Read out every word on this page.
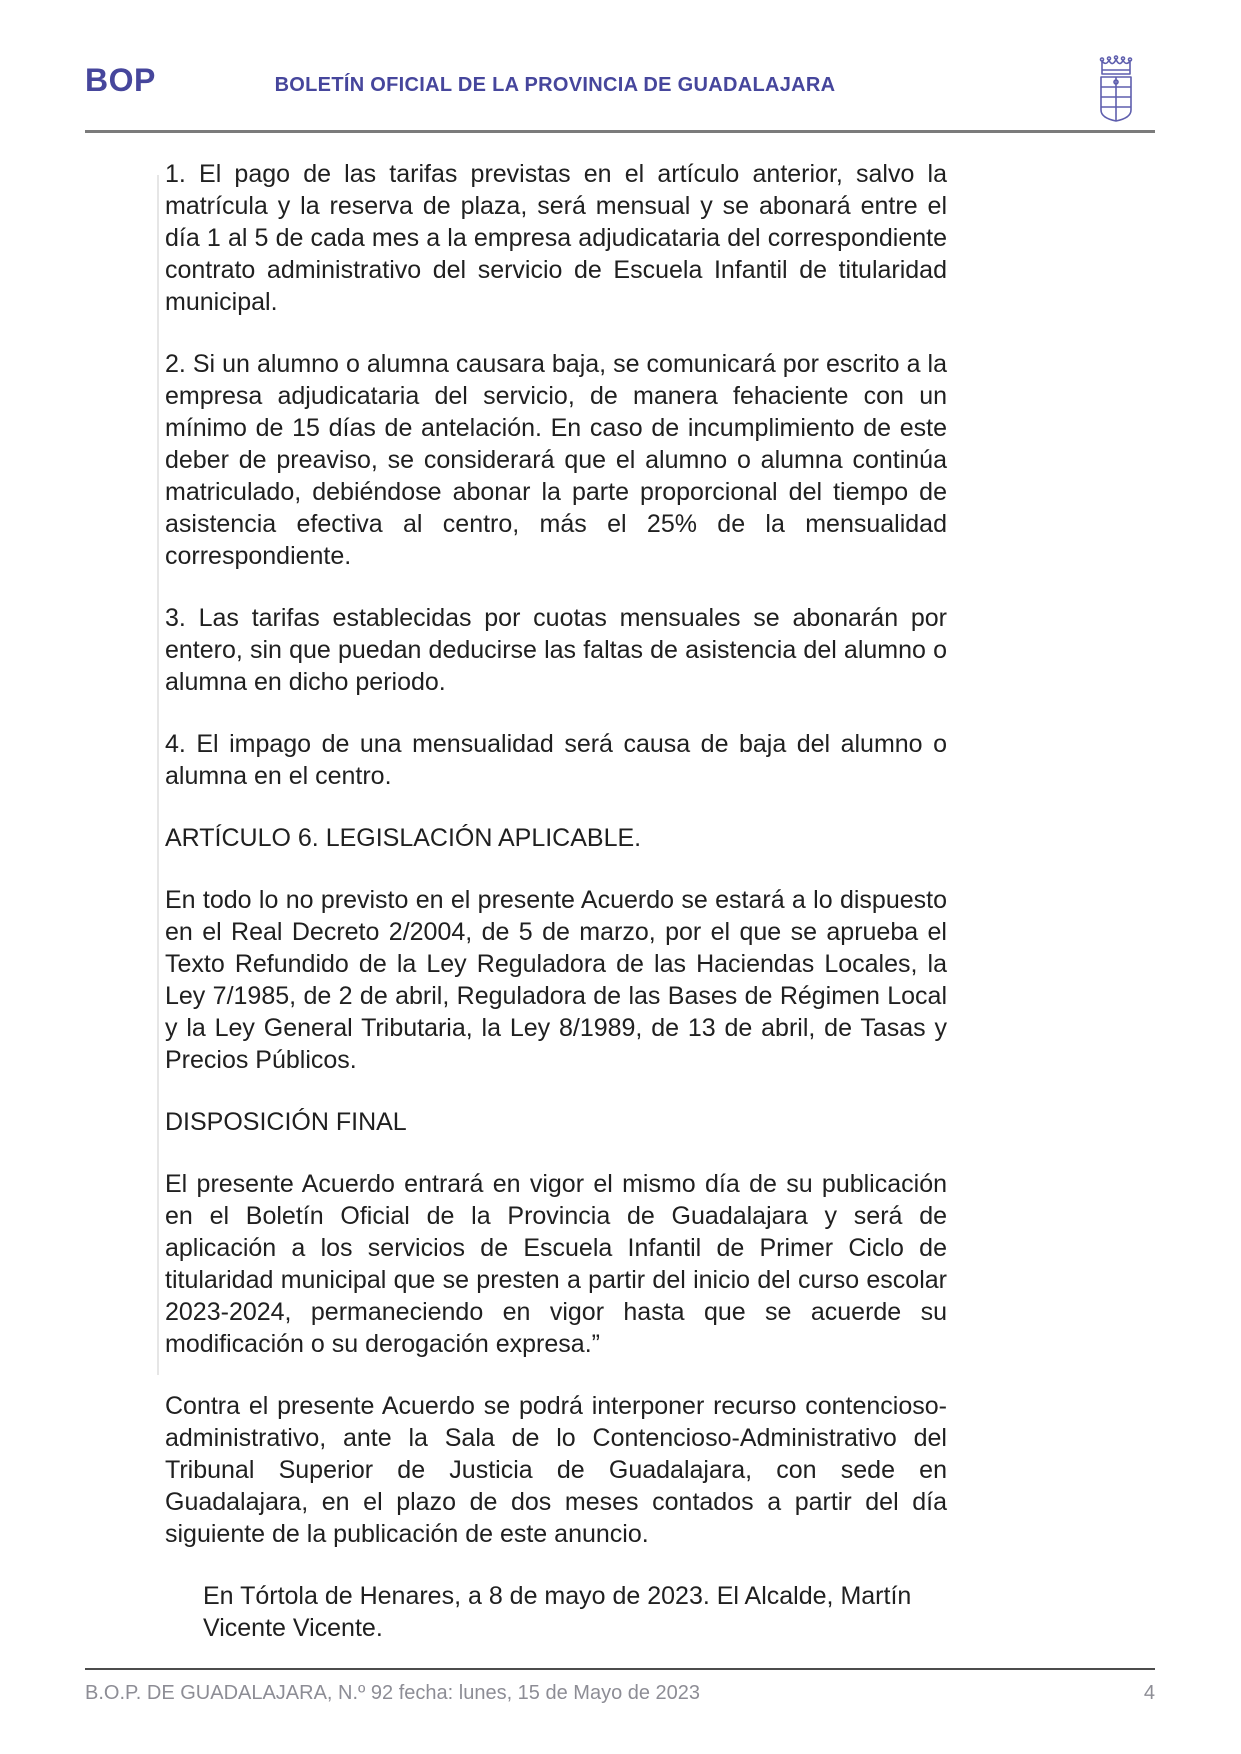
BOP	BOLETÍN OFICIAL DE LA PROVINCIA DE GUADALAJARA

1. El pago de las tarifas previstas en el artículo anterior, salvo la matrícula y la reserva de plaza, será mensual y se abonará entre el día 1 al 5 de cada mes a la empresa adjudicataria del correspondiente contrato administrativo del servicio de Escuela Infantil de titularidad municipal.

2. Si un alumno o alumna causara baja, se comunicará por escrito a la empresa adjudicataria del servicio, de manera fehaciente con un mínimo de 15 días de antelación. En caso de incumplimiento de este deber de preaviso, se considerará que el alumno o alumna continúa matriculado, debiéndose abonar la parte proporcional del tiempo de asistencia efectiva al centro, más el 25% de la mensualidad correspondiente.

3. Las tarifas establecidas por cuotas mensuales se abonarán por entero, sin que puedan deducirse las faltas de asistencia del alumno o alumna en dicho periodo.

4. El impago de una mensualidad será causa de baja del alumno o alumna en el centro.

ARTÍCULO 6. LEGISLACIÓN APLICABLE.

En todo lo no previsto en el presente Acuerdo se estará a lo dispuesto en el Real Decreto 2/2004, de 5 de marzo, por el que se aprueba el Texto Refundido de la Ley Reguladora de las Haciendas Locales, la Ley 7/1985, de 2 de abril, Reguladora de las Bases de Régimen Local y la Ley General Tributaria, la Ley 8/1989, de 13 de abril, de Tasas y Precios Públicos.

DISPOSICIÓN FINAL

El presente Acuerdo entrará en vigor el mismo día de su publicación en el Boletín Oficial de la Provincia de Guadalajara y será de aplicación a los servicios de Escuela Infantil de Primer Ciclo de titularidad municipal que se presten a partir del inicio del curso escolar 2023-2024, permaneciendo en vigor hasta que se acuerde su modificación o su derogación expresa.”

Contra el presente Acuerdo se podrá interponer recurso contencioso-administrativo, ante la Sala de lo Contencioso-Administrativo del Tribunal Superior de Justicia de Guadalajara, con sede en Guadalajara, en el plazo de dos meses contados a partir del día siguiente de la publicación de este anuncio.

En Tórtola de Henares, a 8 de mayo de 2023. El Alcalde, Martín Vicente Vicente.

B.O.P. DE GUADALAJARA, N.º 92 fecha: lunes, 15 de Mayo de 2023	4
